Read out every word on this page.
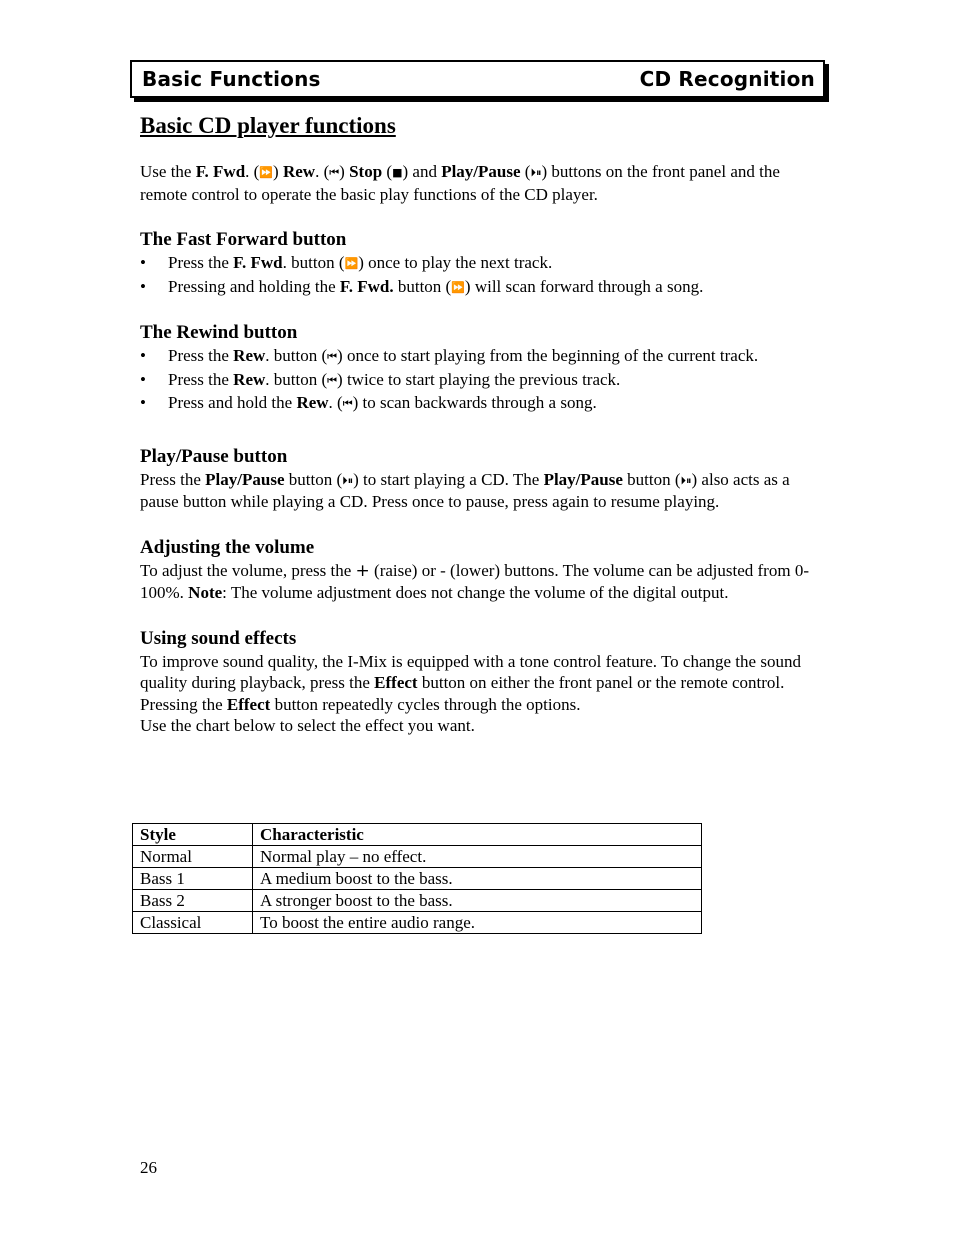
Basic Functions	CD Recognition
Basic CD player functions

Use the F. Fwd. (⏩) Rew. (⏮) Stop (■) and Play/Pause (⏵⏸) buttons on the front panel and the remote control to operate the basic play functions of the CD player.

The Fast Forward button
• Press the F. Fwd. button (⏩) once to play the next track.
• Pressing and holding the F. Fwd. button (⏩) will scan forward through a song.
The Rewind button
• Press the Rew. button (⏮) once to start playing from the beginning of the current track.
• Press the Rew. button (⏮) twice to start playing the previous track.
• Press and hold the Rew. (⏮) to scan backwards through a song.
Play/Pause button

Press the Play/Pause button (⏵⏸) to start playing a CD. The Play/Pause button (⏵⏸) also acts as a pause button while playing a CD. Press once to pause, press again to resume playing.

Adjusting the volume

To adjust the volume, press the + (raise) or - (lower) buttons. The volume can be adjusted from 0-100%. Note: The volume adjustment does not change the volume of the digital output.

Using sound effects

To improve sound quality, the I-Mix is equipped with a tone control feature. To change the sound quality during playback, press the Effect button on either the front panel or the remote control. Pressing the Effect button repeatedly cycles through the options.
Use the chart below to select the effect you want.

Style	Characteristic
Normal	Normal play – no effect.
Bass 1	A medium boost to the bass.
Bass 2	A stronger boost to the bass.
Classical	To boost the entire audio range.
26
